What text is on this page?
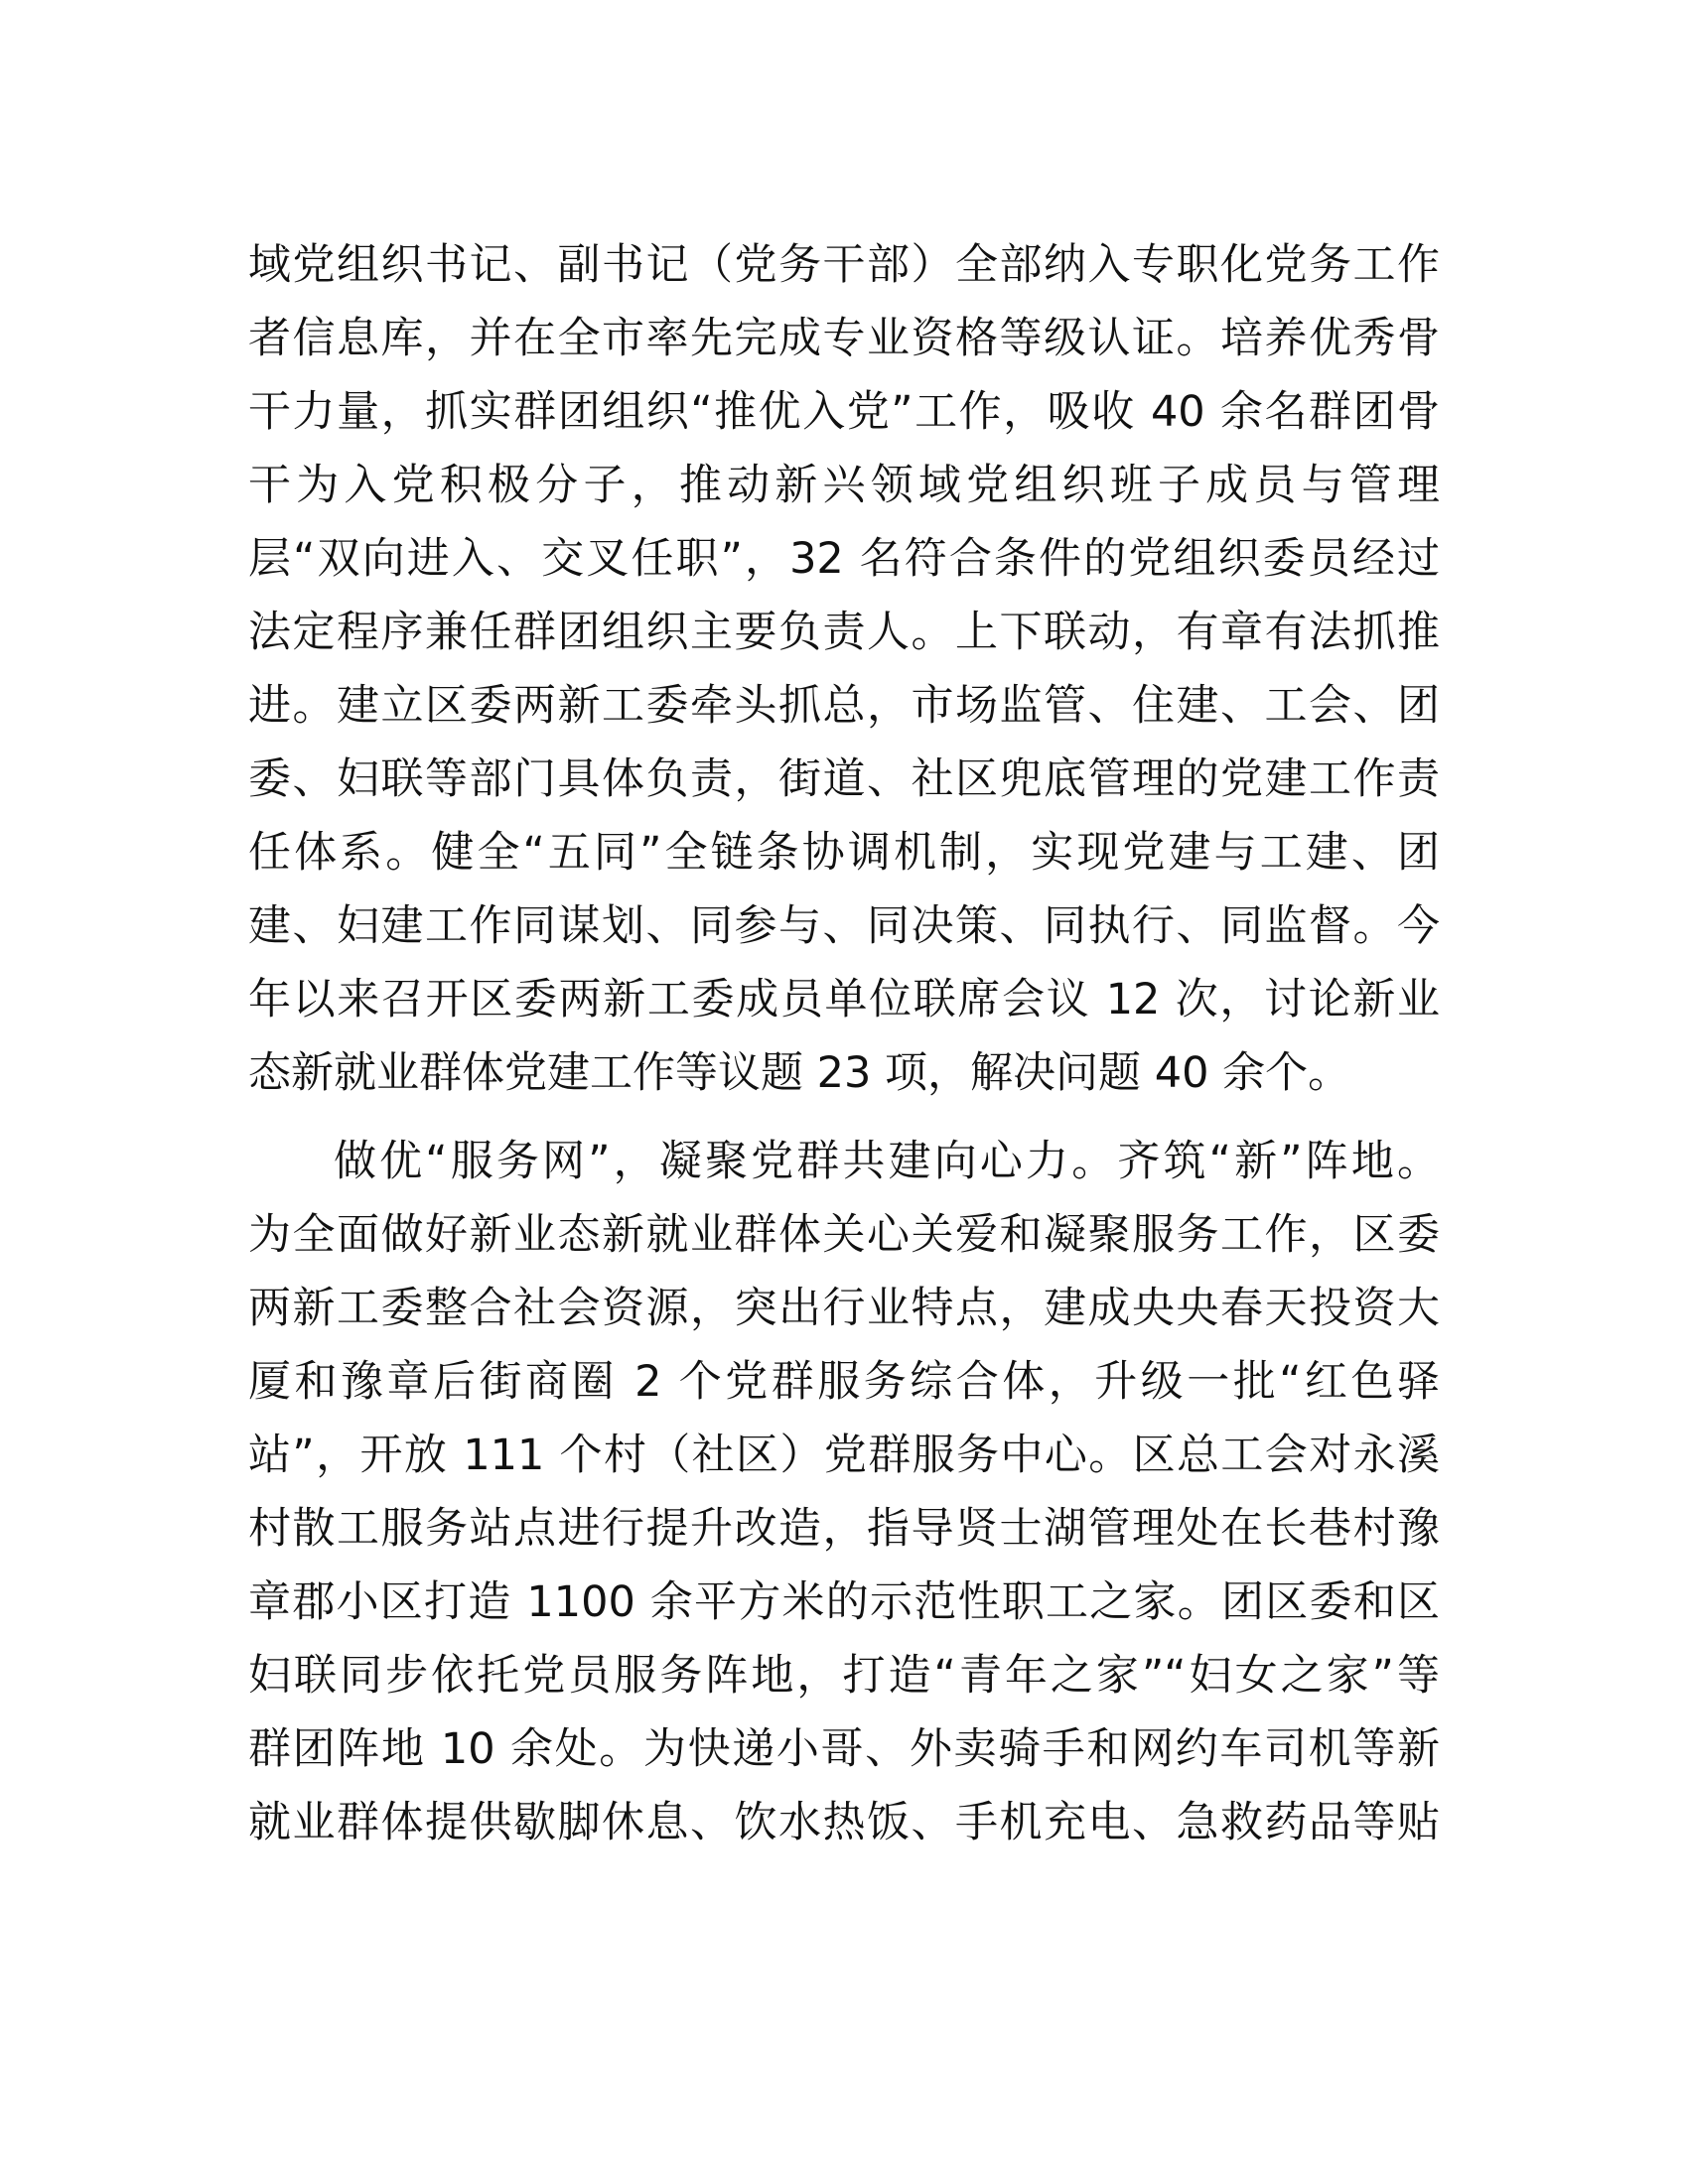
域党组织书记、副书记（党务干部）全部纳入专职化党务工作
者信息库，并在全市率先完成专业资格等级认证。培养优秀骨
干力量，抓实群团组织“推优入党”工作，吸收 40 余名群团骨
干为入党积极分子，推动新兴领域党组织班子成员与管理
层“双向进入、交叉任职”，32 名符合条件的党组织委员经过
法定程序兼任群团组织主要负责人。上下联动，有章有法抓推
进。建立区委两新工委牵头抓总，市场监管、住建、工会、团
委、妇联等部门具体负责，街道、社区兜底管理的党建工作责
任体系。健全“五同”全链条协调机制，实现党建与工建、团
建、妇建工作同谋划、同参与、同决策、同执行、同监督。今
年以来召开区委两新工委成员单位联席会议 12 次，讨论新业
态新就业群体党建工作等议题 23 项，解决问题 40 余个。
做优“服务网”，凝聚党群共建向心力。齐筑“新”阵地。
为全面做好新业态新就业群体关心关爱和凝聚服务工作，区委
两新工委整合社会资源，突出行业特点，建成央央春天投资大
厦和豫章后街商圈 2 个党群服务综合体，升级一批“红色驿
站”，开放 111 个村（社区）党群服务中心。区总工会对永溪
村散工服务站点进行提升改造，指导贤士湖管理处在长巷村豫
章郡小区打造 1100 余平方米的示范性职工之家。团区委和区
妇联同步依托党员服务阵地，打造“青年之家”“妇女之家”等
群团阵地 10 余处。为快递小哥、外卖骑手和网约车司机等新
就业群体提供歇脚休息、饮水热饭、手机充电、急救药品等贴
